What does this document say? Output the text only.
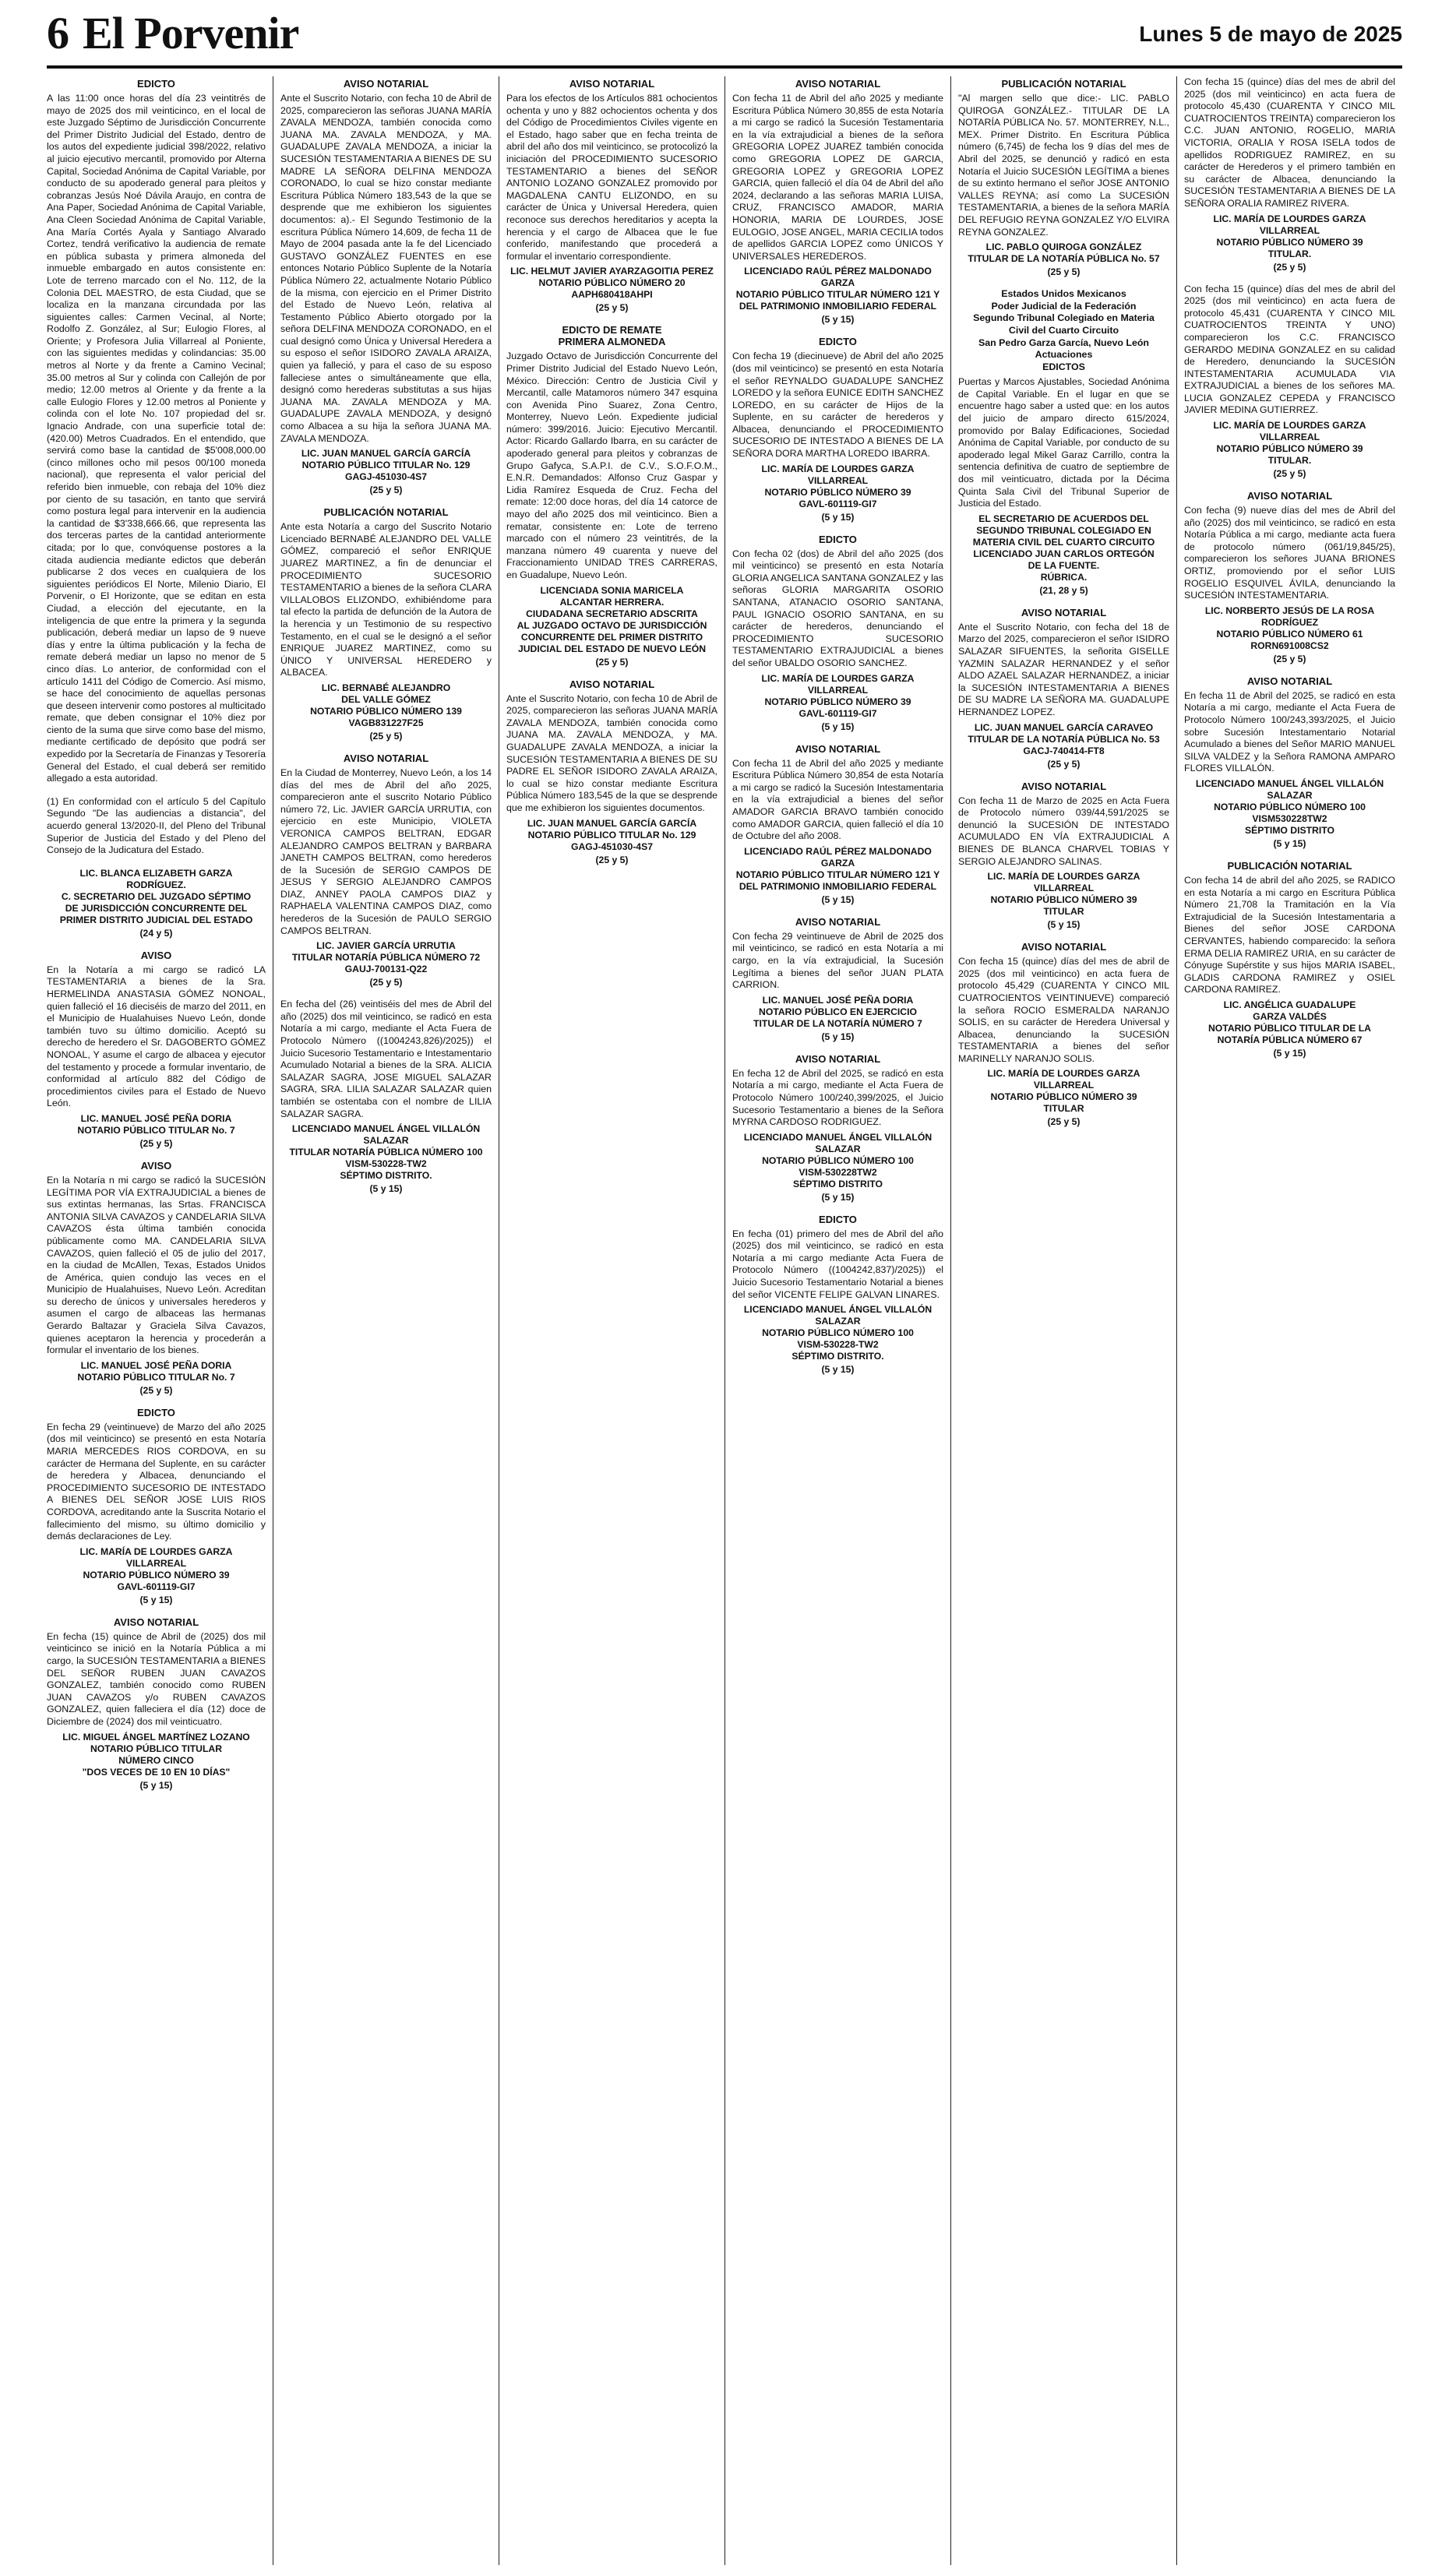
6 El Porvenir	Lunes 5 de mayo de 2025
EDICTO

A las 11:00 once horas del día 23 veintitrés de mayo de 2025 dos mil veinticinco, en el local de este Juzgado Séptimo de Jurisdicción Concurrente del Primer Distrito Judicial del Estado, dentro de los autos del expediente judicial 398/2022, relativo al juicio ejecutivo mercantil, promovido por Alterna Capital, Sociedad Anónima de Capital Variable, por conducto de su apoderado general para pleitos y cobranzas Jesús Noé Dávila Araujo, en contra de Ana Paper, Sociedad Anónima de Capital Variable, Ana Cleen Sociedad Anónima de Capital Variable, Ana María Cortés Ayala y Santiago Alvarado Cortez, tendrá verificativo la audiencia de remate en pública subasta y primera almoneda del inmueble embargado en autos consistente en: Lote de terreno marcado con el No. 112, de la Colonia DEL MAESTRO, de esta Ciudad, que se localiza en la manzana circundada por las siguientes calles: Carmen Vecinal, al Norte; Rodolfo Z. González, al Sur; Eulogio Flores, al Oriente; y Profesora Julia Villarreal al Poniente, con las siguientes medidas y colindancias: 35.00 metros al Norte y da frente a Camino Vecinal; 35.00 metros al Sur y colinda con Callejón de por medio; 12.00 metros al Oriente y da frente a la calle Eulogio Flores y 12.00 metros al Poniente y colinda con el lote No. 107 propiedad del sr. Ignacio Andrade, con una superficie total de: (420.00) Metros Cuadrados. En el entendido, que servirá como base la cantidad de $5'008,000.00 (cinco millones ocho mil pesos 00/100 moneda nacional), que representa el valor pericial del referido bien inmueble, con rebaja del 10% diez por ciento de su tasación, en tanto que servirá como postura legal para intervenir en la audiencia la cantidad de $3'338,666.66, que representa las dos terceras partes de la cantidad anteriormente citada; por lo que, convóquense postores a la citada audiencia mediante edictos que deberán publicarse 2 dos veces en cualquiera de los siguientes periódicos El Norte, Milenio Diario, El Porvenir, o El Horizonte, que se editan en esta Ciudad, a elección del ejecutante, en la inteligencia de que entre la primera y la segunda publicación, deberá mediar un lapso de 9 nueve días y entre la última publicación y la fecha de remate deberá mediar un lapso no menor de 5 cinco días. Lo anterior, de conformidad con el artículo 1411 del Código de Comercio. Así mismo, se hace del conocimiento de aquellas personas que deseen intervenir como postores al multicitado remate, que deben consignar el 10% diez por ciento de la suma que sirve como base del mismo, mediante certificado de depósito que podrá ser expedido por la Secretaría de Finanzas y Tesorería General del Estado, el cual deberá ser remitido allegado a esta autoridad.

(1) En conformidad con el artículo 5 del Capítulo Segundo "De las audiencias a distancia", del acuerdo general 13/2020-II, del Pleno del Tribunal Superior de Justicia del Estado y del Pleno del Consejo de la Judicatura del Estado.

LIC. BLANCA ELIZABETH GARZA
RODRÍGUEZ.
C. SECRETARIO DEL JUZGADO SÉPTIMO
DE JURISDICCIÓN CONCURRENTE DEL
PRIMER DISTRITO JUDICIAL DEL ESTADO
(24 y 5)
AVISO

En la Notaría a mi cargo se radicó LA TESTAMENTARIA a bienes de la Sra. HERMELINDA ANASTASIA GÓMEZ NONOAL, quien falleció el 16 dieciséis de marzo del 2011, en el Municipio de Hualahuises Nuevo León, donde también tuvo su último domicilio. Aceptó su derecho de heredero el Sr. DAGOBERTO GÓMEZ NONOAL, Y asume el cargo de albacea y ejecutor del testamento y procede a formular inventario, de conformidad al artículo 882 del Código de procedimientos civiles para el Estado de Nuevo León.

LIC. MANUEL JOSÉ PEÑA DORIA
NOTARIO PÚBLICO TITULAR No. 7
(25 y 5)
AVISO

En la Notaría n mi cargo se radicó la SUCESIÓN LEGÍTIMA POR VÍA EXTRAJUDICIAL a bienes de sus extintas hermanas, las Srtas. FRANCISCA ANTONIA SILVA CAVAZOS y CANDELARIA SILVA CAVAZOS ésta última también conocida públicamente como MA. CANDELARIA SILVA CAVAZOS, quien falleció el 05 de julio del 2017, en la ciudad de McAllen, Texas, Estados Unidos de América, quien condujo las veces en el Municipio de Hualahuises, Nuevo León. Acreditan su derecho de únicos y universales herederos y asumen el cargo de albaceas las hermanas Gerardo Baltazar y Graciela Silva Cavazos, quienes aceptaron la herencia y procederán a formular el inventario de los bienes.

LIC. MANUEL JOSÉ PEÑA DORIA
NOTARIO PÚBLICO TITULAR No. 7
(25 y 5)
EDICTO

En fecha 29 (veintinueve) de Marzo del año 2025 (dos mil veinticinco) se presentó en esta Notaría MARIA MERCEDES RIOS CORDOVA, en su carácter de Hermana del Suplente, en su carácter de heredera y Albacea, denunciando el PROCEDIMIENTO SUCESORIO DE INTESTADO A BIENES DEL SEÑOR JOSE LUIS RIOS CORDOVA, acreditando ante la Suscrita Notario el fallecimiento del mismo, su último domicilio y demás declaraciones de Ley.

LIC. MARÍA DE LOURDES GARZA
VILLARREAL
NOTARIO PÚBLICO NÚMERO 39
GAVL-601119-GI7
(5 y 15)
AVISO NOTARIAL

En fecha (15) quince de Abril de (2025) dos mil veinticinco se inició en la Notaría Pública a mi cargo, la SUCESIÓN TESTAMENTARIA a BIENES DEL SEÑOR RUBEN JUAN CAVAZOS GONZALEZ, también conocido como RUBEN JUAN CAVAZOS y/o RUBEN CAVAZOS GONZALEZ, quien falleciera el día (12) doce de Diciembre de (2024) dos mil veinticuatro.

LIC. MIGUEL ÁNGEL MARTÍNEZ LOZANO
NOTARIO PÚBLICO TITULAR
NÚMERO CINCO
"DOS VECES DE 10 EN 10 DÍAS"
(5 y 15)
AVISO NOTARIAL

Ante el Suscrito Notario, con fecha 10 de Abril de 2025, comparecieron las señoras JUANA MARÍA ZAVALA MENDOZA, también conocida como JUANA MA. ZAVALA MENDOZA, y MA. GUADALUPE ZAVALA MENDOZA, a iniciar la SUCESIÓN TESTAMENTARIA A BIENES DE SU MADRE LA SEÑORA DELFINA MENDOZA CORONADO, lo cual se hizo constar mediante Escritura Pública Número 183,543 de la que se desprende que me exhibieron los siguientes documentos: a).- El Segundo Testimonio de la escritura Pública Número 14,609, de fecha 11 de Mayo de 2004 pasada ante la fe del Licenciado GUSTAVO GONZÁLEZ FUENTES en ese entonces Notario Público Suplente de la Notaría Pública Número 22, actualmente Notario Público de la misma, con ejercicio en el Primer Distrito del Estado de Nuevo León, relativa al Testamento Público Abierto otorgado por la señora DELFINA MENDOZA CORONADO, en el cual designó como Única y Universal Heredera a su esposo el señor ISIDORO ZAVALA ARAIZA, quien ya falleció, y para el caso de su esposo falleciese antes o simultáneamente que ella, designó como herederas substitutas a sus hijas JUANA MA. ZAVALA MENDOZA y MA. GUADALUPE ZAVALA MENDOZA, y designó como Albacea a su hija la señora JUANA MA. ZAVALA MENDOZA.

LIC. JUAN MANUEL GARCÍA GARCÍA
NOTARIO PÚBLICO TITULAR No. 129
GAGJ-451030-4S7
(25 y 5)
PUBLICACIÓN NOTARIAL

Ante esta Notaría a cargo del Suscrito Notario Licenciado BERNABÉ ALEJANDRO DEL VALLE GÓMEZ, compareció el señor ENRIQUE JUAREZ MARTINEZ, a fin de denunciar el PROCEDIMIENTO SUCESORIO TESTAMENTARIO a bienes de la señora CLARA VILLALOBOS ELIZONDO, exhibiéndome para tal efecto la partida de defunción de la Autora de la herencia y un Testimonio de su respectivo Testamento, en el cual se le designó a el señor ENRIQUE JUAREZ MARTINEZ, como su ÚNICO Y UNIVERSAL HEREDERO y ALBACEA.

LIC. BERNABÉ ALEJANDRO
DEL VALLE GÓMEZ
NOTARIO PÚBLICO NÚMERO 139
VAGB831227F25
(25 y 5)
AVISO NOTARIAL

En la Ciudad de Monterrey, Nuevo León, a los 14 días del mes de Abril del año 2025, comparecieron ante el suscrito Notario Público número 72, Lic. JAVIER GARCÍA URRUTIA, con ejercicio en este Municipio, VIOLETA VERONICA CAMPOS BELTRAN, EDGAR ALEJANDRO CAMPOS BELTRAN y BARBARA JANETH CAMPOS BELTRAN, como herederos de la Sucesión de SERGIO CAMPOS DE JESUS Y SERGIO ALEJANDRO CAMPOS DIAZ, ANNEY PAOLA CAMPOS DIAZ y RAPHAELA VALENTINA CAMPOS DIAZ, como herederos de la Sucesión de PAULO SERGIO CAMPOS BELTRAN.

LIC. JAVIER GARCÍA URRUTIA
TITULAR NOTARÍA PÚBLICA NÚMERO 72
GAUJ-700131-Q22
(25 y 5)

En fecha del (26) veintiséis del mes de Abril del año (2025) dos mil veinticinco, se radicó en esta Notaría a mi cargo, mediante el Acta Fuera de Protocolo Número ((1004243,826)/2025)) el Juicio Sucesorio Testamentario e Intestamentario Acumulado Notarial a bienes de la SRA. ALICIA SALAZAR SAGRA, JOSE MIGUEL SALAZAR SAGRA, SRA. LILIA SALAZAR SALAZAR quien también se ostentaba con el nombre de LILIA SALAZAR SAGRA.

LICENCIADO MANUEL ÁNGEL VILLALÓN
SALAZAR
TITULAR NOTARÍA PÚBLICA NÚMERO 100
VISM-530228-TW2
SÉPTIMO DISTRITO.
(5 y 15)
AVISO NOTARIAL

Para los efectos de los Artículos 881 ochocientos ochenta y uno y 882 ochocientos ochenta y dos del Código de Procedimientos Civiles vigente en el Estado, hago saber que en fecha treinta de abril del año dos mil veinticinco, se protocolizó la iniciación del PROCEDIMIENTO SUCESORIO TESTAMENTARIO a bienes del SEÑOR ANTONIO LOZANO GONZALEZ promovido por MAGDALENA CANTU ELIZONDO, en su carácter de Única y Universal Heredera, quien reconoce sus derechos hereditarios y acepta la herencia y el cargo de Albacea que le fue conferido, manifestando que procederá a formular el inventario correspondiente.

LIC. HELMUT JAVIER AYARZAGOITIA PEREZ
NOTARIO PÚBLICO NÚMERO 20
AAPH680418AHPI
(25 y 5)
EDICTO DE REMATE
PRIMERA ALMONEDA

Juzgado Octavo de Jurisdicción Concurrente del Primer Distrito Judicial del Estado Nuevo León, México. Dirección: Centro de Justicia Civil y Mercantil, calle Matamoros número 347 esquina con Avenida Pino Suarez, Zona Centro, Monterrey, Nuevo León. Expediente judicial número: 399/2016. Juicio: Ejecutivo Mercantil. Actor: Ricardo Gallardo Ibarra, en su carácter de apoderado general para pleitos y cobranzas de Grupo Gafyca, S.A.P.I. de C.V., S.O.F.O.M., E.N.R. Demandados: Alfonso Cruz Gaspar y Lidia Ramírez Esqueda de Cruz. Fecha del remate: 12:00 doce horas, del día 14 catorce de mayo del año 2025 dos mil veinticinco. Bien a rematar, consistente en: Lote de terreno marcado con el número 23 veintitrés, de la manzana número 49 cuarenta y nueve del Fraccionamiento UNIDAD TRES CARRERAS, en Guadalupe, Nuevo León.

LICENCIADA SONIA MARICELA
ALCANTAR HERRERA.
CIUDADANA SECRETARIO ADSCRITA
AL JUZGADO OCTAVO DE JURISDICCIÓN
CONCURRENTE DEL PRIMER DISTRITO
JUDICIAL DEL ESTADO DE NUEVO LEÓN
(25 y 5)
AVISO NOTARIAL

Ante el Suscrito Notario, con fecha 10 de Abril de 2025, comparecieron las señoras JUANA MARÍA ZAVALA MENDOZA, también conocida como JUANA MA. ZAVALA MENDOZA, y MA. GUADALUPE ZAVALA MENDOZA, a iniciar la SUCESIÓN TESTAMENTARIA A BIENES DE SU PADRE EL SEÑOR ISIDORO ZAVALA ARAIZA, lo cual se hizo constar mediante Escritura Pública Número 183,545 de la que se desprende que me exhibieron los siguientes documentos.

LIC. JUAN MANUEL GARCÍA GARCÍA
NOTARIO PÚBLICO TITULAR No. 129
GAGJ-451030-4S7
(25 y 5)
AVISO NOTARIAL

Con fecha 11 de Abril del año 2025 y mediante Escritura Pública Número 30,855 de esta Notaría a mi cargo se radicó la Sucesión Testamentaria en la vía extrajudicial a bienes de la señora GREGORIA LOPEZ JUAREZ también conocida como GREGORIA LOPEZ DE GARCIA, GREGORIA LOPEZ y GREGORIA LOPEZ GARCIA, quien falleció el día 04 de Abril del año 2024, declarando a las señoras MARIA LUISA, CRUZ, FRANCISCO AMADOR, MARIA HONORIA, MARIA DE LOURDES, JOSE EULOGIO, JOSE ANGEL, MARIA CECILIA todos de apellidos GARCIA LOPEZ como ÚNICOS Y UNIVERSALES HEREDEROS.

LICENCIADO RAÚL PÉREZ MALDONADO
GARZA
NOTARIO PÚBLICO TITULAR NÚMERO 121 Y
DEL PATRIMONIO INMOBILIARIO FEDERAL
(5 y 15)
EDICTO

Con fecha 19 (diecinueve) de Abril del año 2025 (dos mil veinticinco) se presentó en esta Notaría el señor REYNALDO GUADALUPE SANCHEZ LOREDO y la señora EUNICE EDITH SANCHEZ LOREDO, en su carácter de Hijos de la Suplente, en su carácter de herederos y Albacea, denunciando el PROCEDIMIENTO SUCESORIO DE INTESTADO A BIENES DE LA SEÑORA DORA MARTHA LOREDO IBARRA.

LIC. MARÍA DE LOURDES GARZA
VILLARREAL
NOTARIO PÚBLICO NÚMERO 39
GAVL-601119-GI7
(5 y 15)
EDICTO

Con fecha 02 (dos) de Abril del año 2025 (dos mil veinticinco) se presentó en esta Notaría GLORIA ANGELICA SANTANA GONZALEZ y las señoras GLORIA MARGARITA OSORIO SANTANA, ATANACIO OSORIO SANTANA, PAUL IGNACIO OSORIO SANTANA, en su carácter de herederos, denunciando el PROCEDIMIENTO SUCESORIO TESTAMENTARIO EXTRAJUDICIAL a bienes del señor UBALDO OSORIO SANCHEZ.

LIC. MARÍA DE LOURDES GARZA
VILLARREAL
NOTARIO PÚBLICO NÚMERO 39
GAVL-601119-GI7
(5 y 15)
AVISO NOTARIAL

Con fecha 11 de Abril del año 2025 y mediante Escritura Pública Número 30,854 de esta Notaría a mi cargo se radicó la Sucesión Intestamentaria en la vía extrajudicial a bienes del señor AMADOR GARCIA BRAVO también conocido como AMADOR GARCIA, quien falleció el día 10 de Octubre del año 2008.

LICENCIADO RAÚL PÉREZ MALDONADO
GARZA
NOTARIO PÚBLICO TITULAR NÚMERO 121 Y
DEL PATRIMONIO INMOBILIARIO FEDERAL
(5 y 15)
AVISO NOTARIAL

Con fecha 29 veintinueve de Abril de 2025 dos mil veinticinco, se radicó en esta Notaría a mi cargo, en la vía extrajudicial, la Sucesión Legítima a bienes del señor JUAN PLATA CARRION.

LIC. MANUEL JOSÉ PEÑA DORIA
NOTARIO PÚBLICO EN EJERCICIO
TITULAR DE LA NOTARÍA NÚMERO 7
(5 y 15)
AVISO NOTARIAL

En fecha 12 de Abril del 2025, se radicó en esta Notaría a mi cargo, mediante el Acta Fuera de Protocolo Número 100/240,399/2025, el Juicio Sucesorio Testamentario a bienes de la Señora MYRNA CARDOSO RODRIGUEZ.

LICENCIADO MANUEL ÁNGEL VILLALÓN
SALAZAR
NOTARIO PÚBLICO NÚMERO 100
VISM-530228TW2
SÉPTIMO DISTRITO
(5 y 15)
EDICTO

En fecha (01) primero del mes de Abril del año (2025) dos mil veinticinco, se radicó en esta Notaría a mi cargo mediante Acta Fuera de Protocolo Número ((1004242,837)/2025)) el Juicio Sucesorio Testamentario Notarial a bienes del señor VICENTE FELIPE GALVAN LINARES.

LICENCIADO MANUEL ÁNGEL VILLALÓN
SALAZAR
NOTARIO PÚBLICO NÚMERO 100
VISM-530228-TW2
SÉPTIMO DISTRITO.
(5 y 15)
PUBLICACIÓN NOTARIAL

"Al margen sello que dice:- LIC. PABLO QUIROGA GONZÁLEZ.- TITULAR DE LA NOTARÍA PÚBLICA No. 57. MONTERREY, N.L., MEX. Primer Distrito. En Escritura Pública número (6,745) de fecha los 9 días del mes de Abril del 2025, se denunció y radicó en esta Notaría el Juicio SUCESIÓN LEGÍTIMA a bienes de su extinto hermano el señor JOSE ANTONIO VALLES REYNA; así como La SUCESIÓN TESTAMENTARIA, a bienes de la señora MARÍA DEL REFUGIO REYNA GONZALEZ Y/O ELVIRA REYNA GONZALEZ.

LIC. PABLO QUIROGA GONZÁLEZ
TITULAR DE LA NOTARÍA PÚBLICA No. 57
(25 y 5)
Estados Unidos Mexicanos
Poder Judicial de la Federación
Segundo Tribunal Colegiado en Materia
Civil del Cuarto Circuito
San Pedro Garza García, Nuevo León
Actuaciones
EDICTOS

Puertas y Marcos Ajustables, Sociedad Anónima de Capital Variable. En el lugar en que se encuentre hago saber a usted que: en los autos del juicio de amparo directo 615/2024, promovido por Balay Edificaciones, Sociedad Anónima de Capital Variable, por conducto de su apoderado legal Mikel Garaz Carrillo, contra la sentencia definitiva de cuatro de septiembre de dos mil veinticuatro, dictada por la Décima Quinta Sala Civil del Tribunal Superior de Justicia del Estado.

EL SECRETARIO DE ACUERDOS DEL
SEGUNDO TRIBUNAL COLEGIADO EN
MATERIA CIVIL DEL CUARTO CIRCUITO
LICENCIADO JUAN CARLOS ORTEGÓN
DE LA FUENTE.
RÚBRICA.
(21, 28 y 5)
AVISO NOTARIAL

Ante el Suscrito Notario, con fecha del 18 de Marzo del 2025, comparecieron el señor ISIDRO SALAZAR SIFUENTES, la señorita GISELLE YAZMIN SALAZAR HERNANDEZ y el señor ALDO AZAEL SALAZAR HERNANDEZ, a iniciar la SUCESIÓN INTESTAMENTARIA A BIENES DE SU MADRE LA SEÑORA MA. GUADALUPE HERNANDEZ LOPEZ.

LIC. JUAN MANUEL GARCÍA CARAVEO
TITULAR DE LA NOTARÍA PÚBLICA No. 53
GACJ-740414-FT8
(25 y 5)
AVISO NOTARIAL

Con fecha 11 de Marzo de 2025 en Acta Fuera de Protocolo número 039/44,591/2025 se denunció la SUCESIÓN DE INTESTADO ACUMULADO EN VÍA EXTRAJUDICIAL A BIENES DE BLANCA CHARVEL TOBIAS Y SERGIO ALEJANDRO SALINAS.

LIC. MARÍA DE LOURDES GARZA
VILLARREAL
NOTARIO PÚBLICO NÚMERO 39
TITULAR
(5 y 15)
AVISO NOTARIAL

Con fecha 15 (quince) días del mes de abril de 2025 (dos mil veinticinco) en acta fuera de protocolo 45,429 (CUARENTA Y CINCO MIL CUATROCIENTOS VEINTINUEVE) compareció la señora ROCIO ESMERALDA NARANJO SOLIS, en su carácter de Heredera Universal y Albacea, denunciando la SUCESIÓN TESTAMENTARIA a bienes del señor MARINELLY NARANJO SOLIS.

LIC. MARÍA DE LOURDES GARZA
VILLARREAL
NOTARIO PÚBLICO NÚMERO 39
TITULAR
(25 y 5)

Con fecha 15 (quince) días del mes de abril del 2025 (dos mil veinticinco) en acta fuera de protocolo 45,430 (CUARENTA Y CINCO MIL CUATROCIENTOS TREINTA) comparecieron los C.C. JUAN ANTONIO, ROGELIO, MARIA VICTORIA, ORALIA Y ROSA ISELA todos de apellidos RODRIGUEZ RAMIREZ, en su carácter de Herederos y el primero también en su carácter de Albacea, denunciando la SUCESIÓN TESTAMENTARIA A BIENES DE LA SEÑORA ORALIA RAMIREZ RIVERA.

LIC. MARÍA DE LOURDES GARZA
VILLARREAL
NOTARIO PÚBLICO NÚMERO 39
TITULAR.
(25 y 5)

Con fecha 15 (quince) días del mes de abril del 2025 (dos mil veinticinco) en acta fuera de protocolo 45,431 (CUARENTA Y CINCO MIL CUATROCIENTOS TREINTA Y UNO) comparecieron los C.C. FRANCISCO GERARDO MEDINA GONZALEZ en su calidad de Heredero, denunciando la SUCESIÓN INTESTAMENTARIA ACUMULADA VIA EXTRAJUDICIAL a bienes de los señores MA. LUCIA GONZALEZ CEPEDA y FRANCISCO JAVIER MEDINA GUTIERREZ.

LIC. MARÍA DE LOURDES GARZA
VILLARREAL
NOTARIO PÚBLICO NÚMERO 39
TITULAR.
(25 y 5)
AVISO NOTARIAL

Con fecha (9) nueve días del mes de Abril del año (2025) dos mil veinticinco, se radicó en esta Notaría Pública a mi cargo, mediante acta fuera de protocolo número (061/19,845/25), comparecieron los señores JUANA BRIONES ORTIZ, promoviendo por el señor LUIS ROGELIO ESQUIVEL ÁVILA, denunciando la SUCESIÓN INTESTAMENTARIA.

LIC. NORBERTO JESÚS DE LA ROSA
RODRÍGUEZ
NOTARIO PÚBLICO NÚMERO 61
RORN691008CS2
(25 y 5)
AVISO NOTARIAL

En fecha 11 de Abril del 2025, se radicó en esta Notaría a mi cargo, mediante el Acta Fuera de Protocolo Número 100/243,393/2025, el Juicio sobre Sucesión Intestamentario Notarial Acumulado a bienes del Señor MARIO MANUEL SILVA VALDEZ y la Señora RAMONA AMPARO FLORES VILLALÓN.

LICENCIADO MANUEL ÁNGEL VILLALÓN
SALAZAR
NOTARIO PÚBLICO NÚMERO 100
VISM530228TW2
SÉPTIMO DISTRITO
(5 y 15)
PUBLICACIÓN NOTARIAL

Con fecha 14 de abril del año 2025, se RADICO en esta Notaría a mi cargo en Escritura Pública Número 21,708 la Tramitación en la Vía Extrajudicial de la Sucesión Intestamentaria a Bienes del señor JOSE CARDONA CERVANTES, habiendo comparecido: la señora ERMA DELIA RAMIREZ URIA, en su carácter de Cónyuge Supérstite y sus hijos MARIA ISABEL, GLADIS CARDONA RAMIREZ y OSIEL CARDONA RAMIREZ.

LIC. ANGÉLICA GUADALUPE
GARZA VALDÉS
NOTARIO PÚBLICO TITULAR DE LA
NOTARÍA PÚBLICA NÚMERO 67
(5 y 15)
